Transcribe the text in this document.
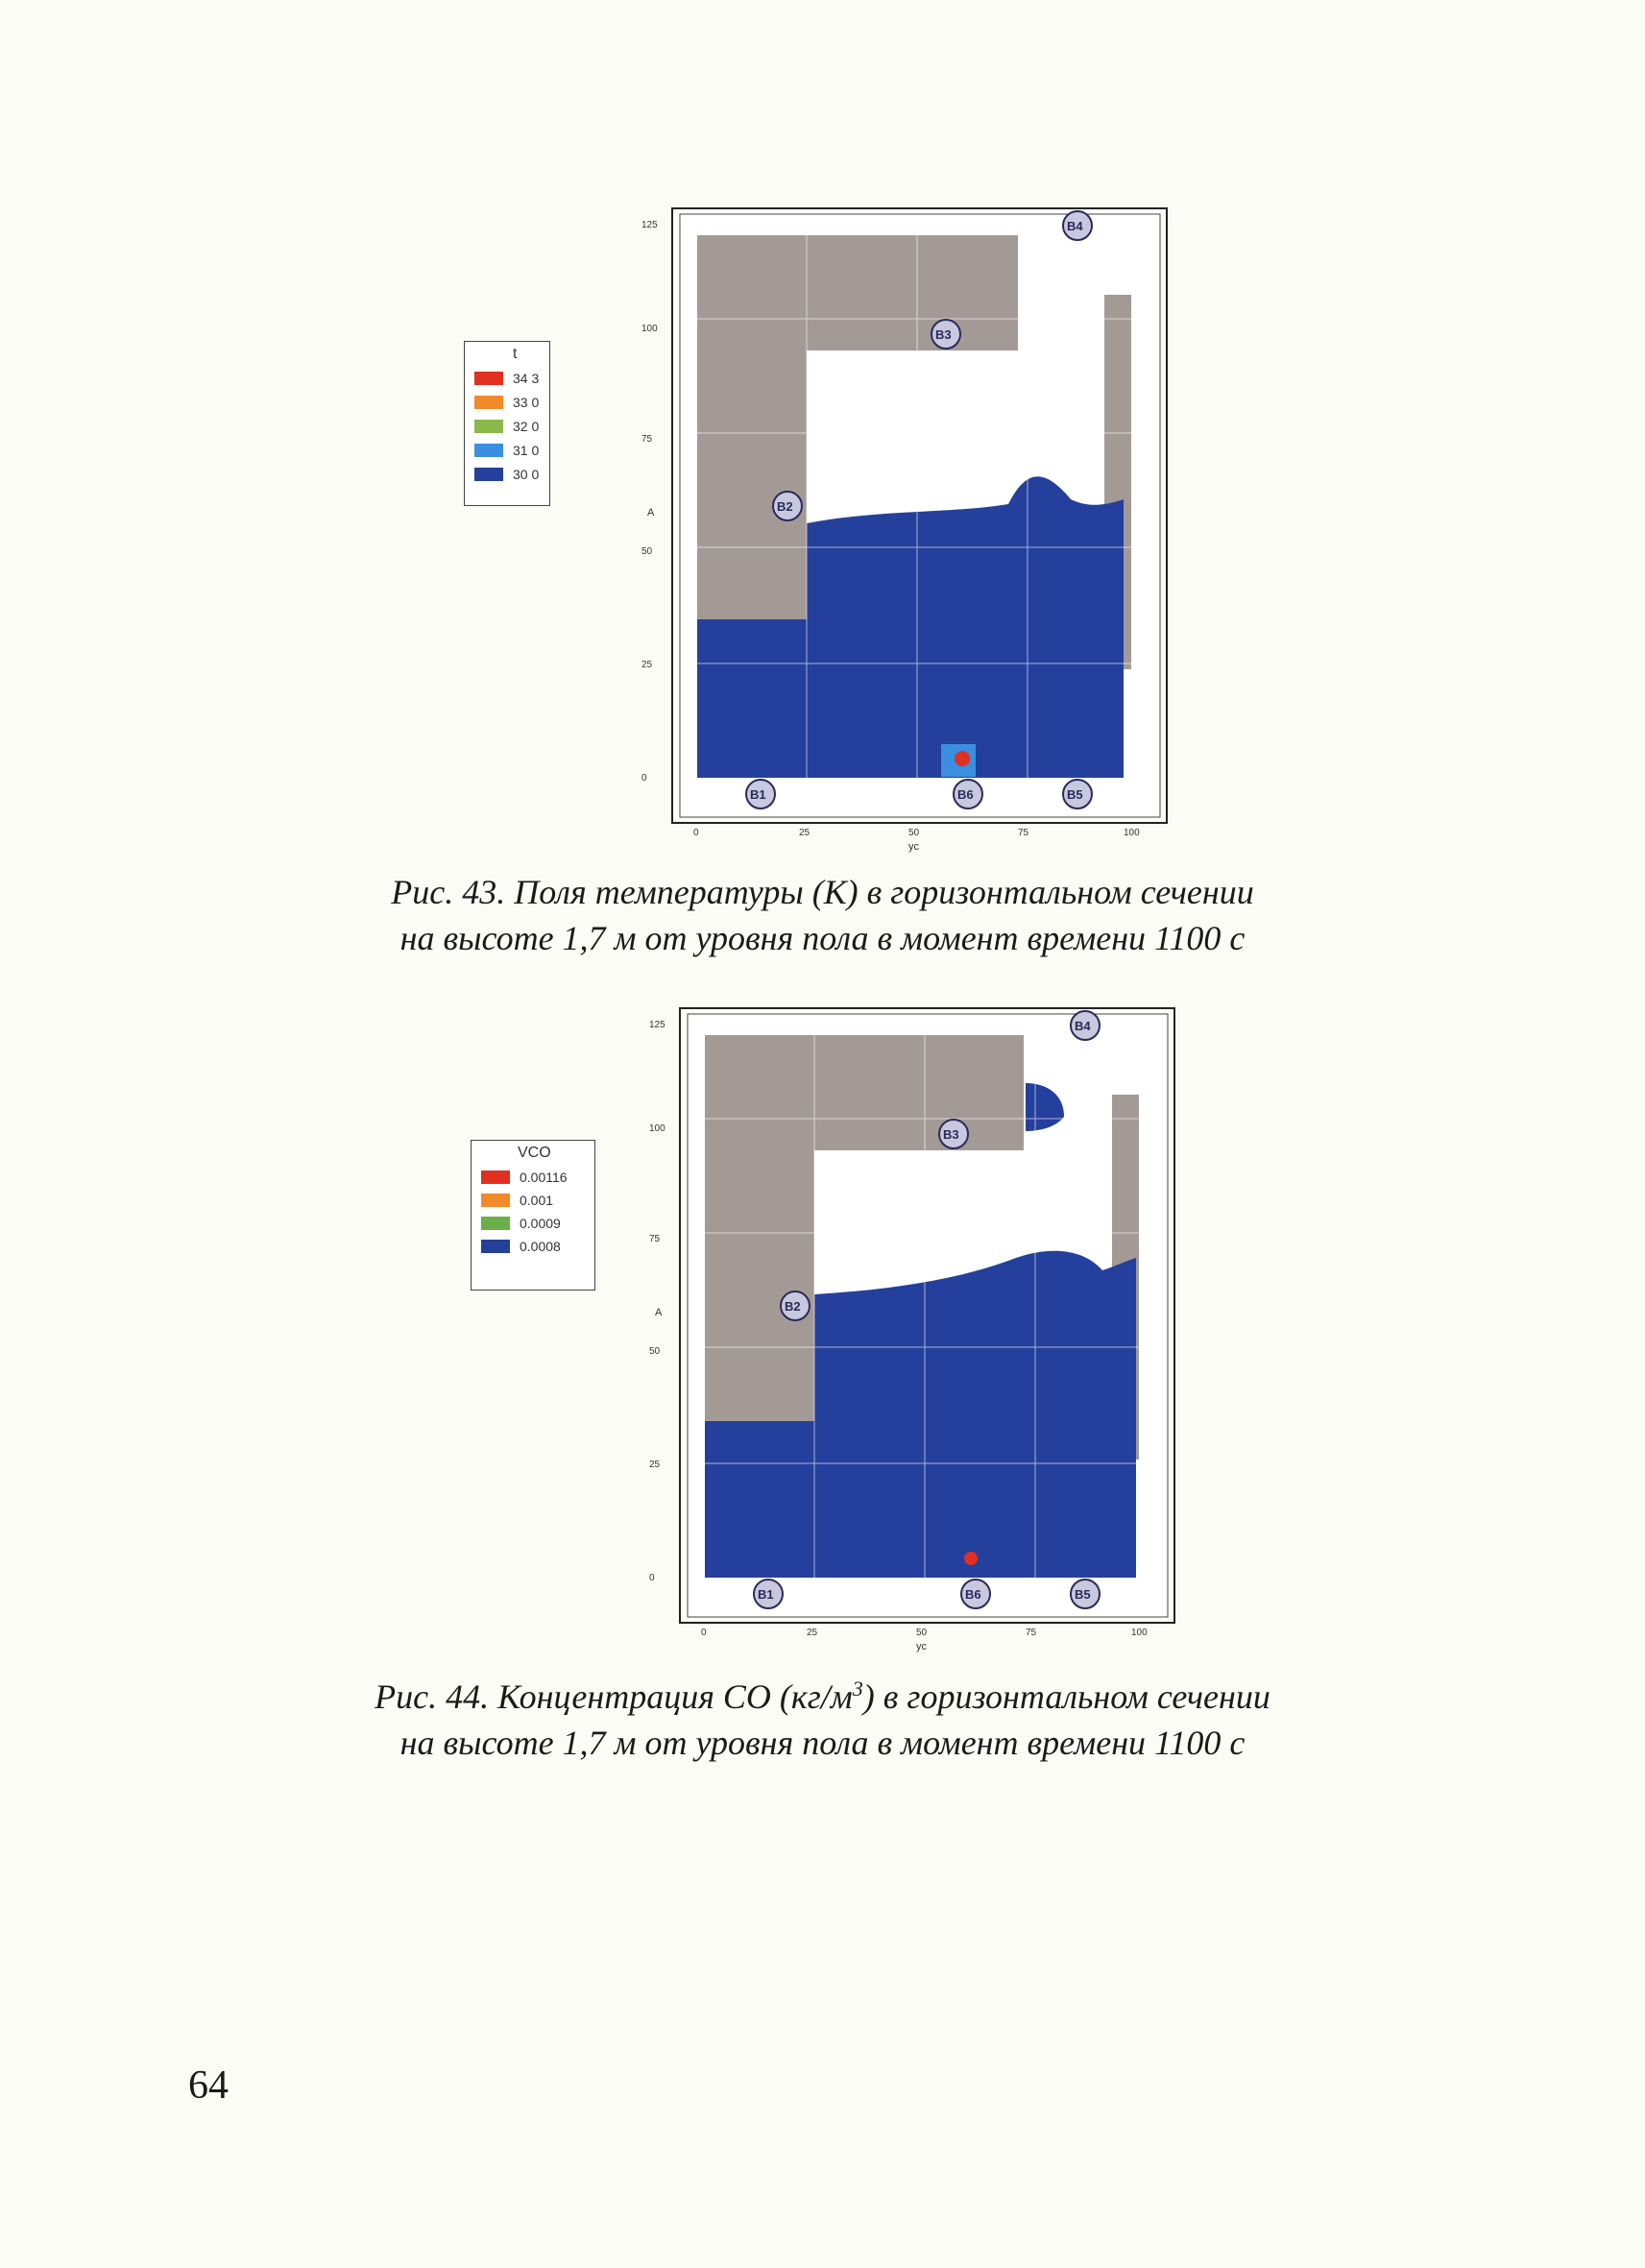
t
34 3
33 0
32 0
31 0
30 0
0
25
50
75
100
125
A
0	25	50	75	100
yc
B1
B2
B3
B4
B5
B6
Рис. 43. Поля температуры (К) в горизонтальном сечении
на высоте 1,7 м от уровня пола в момент времени 1100 с
VCO
0.00116
0.001
0.0009
0.0008
0
25
50
75
100
125
A
0	25	50	75	100
yc
B1
B2
B3
B4
B5
B6
Рис. 44. Концентрация СО $(кг/м^3)$ в горизонтальном сечении
на высоте 1,7 м от уровня пола в момент времени 1100 с
64
